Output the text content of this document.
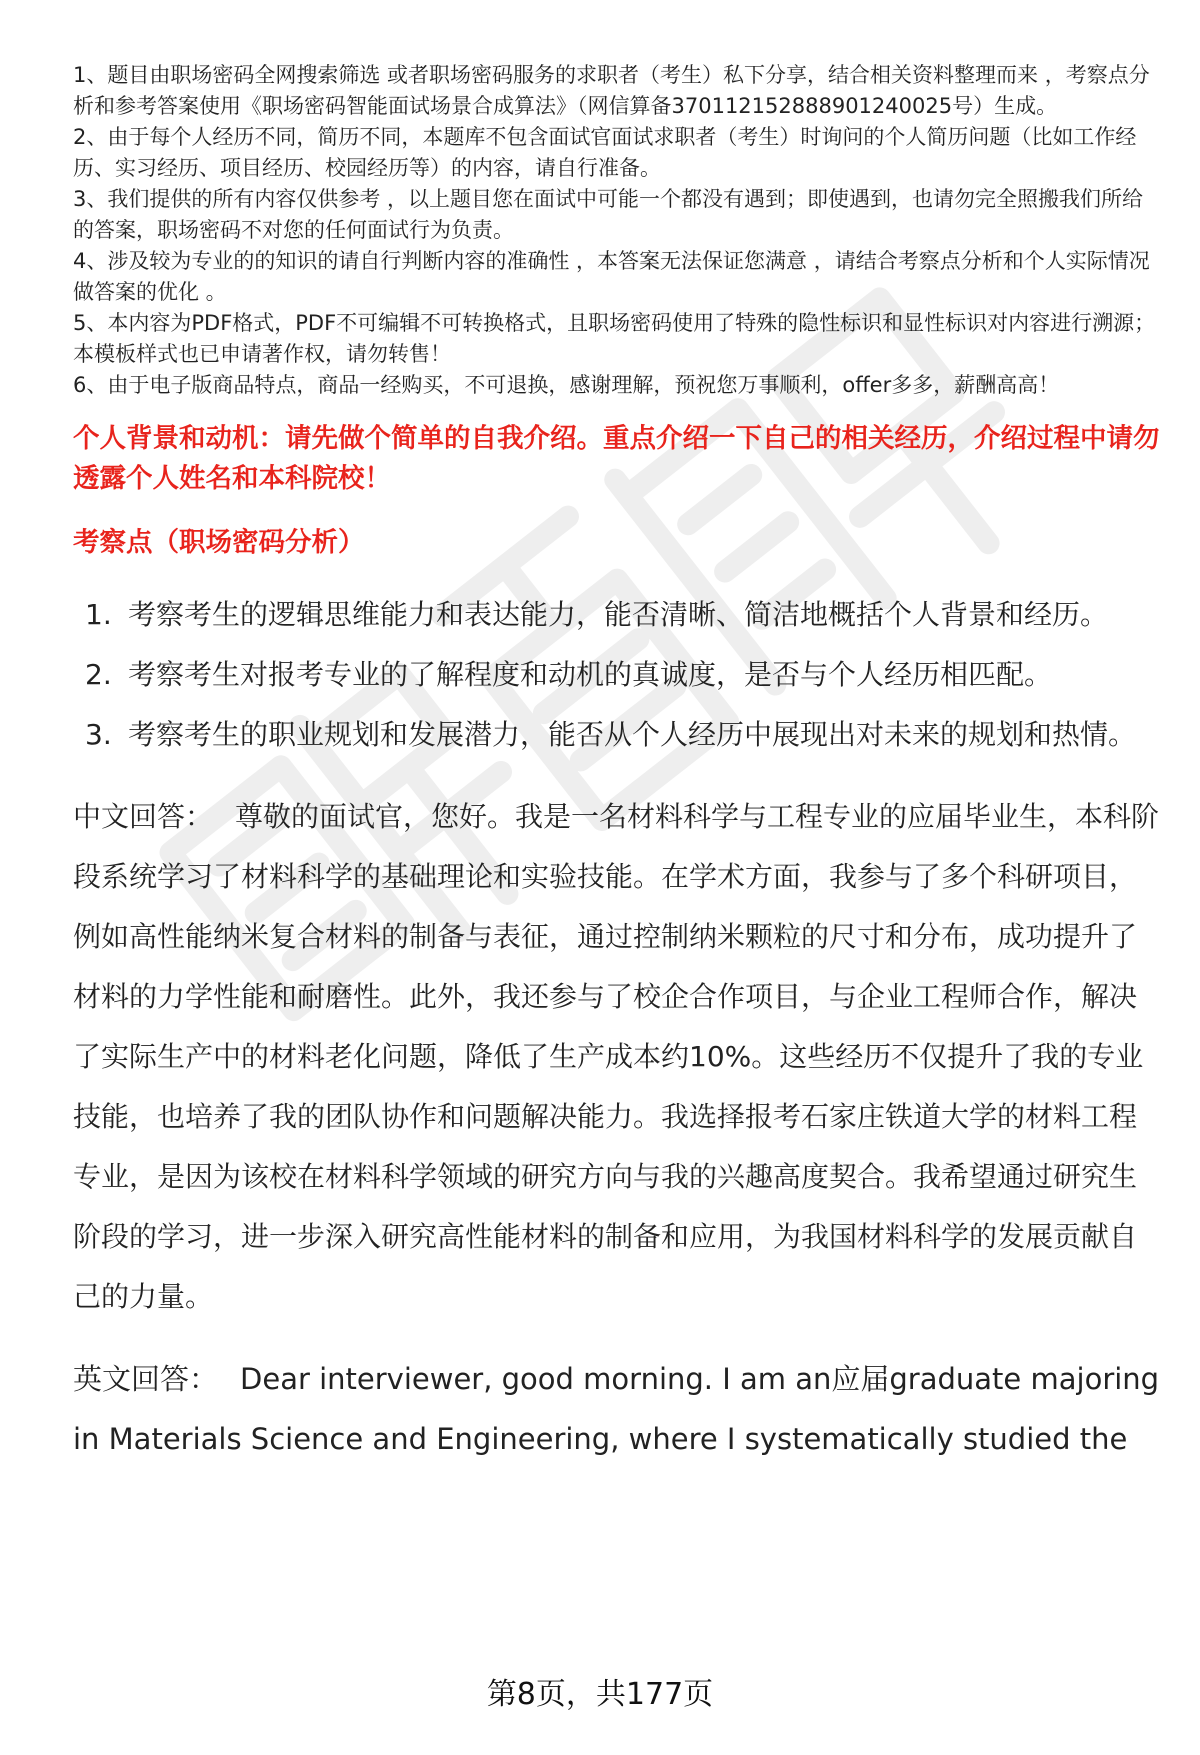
1、题目由职场密码全网搜索筛选 或者职场密码服务的求职者（考生）私下分享，结合相关资料整理而来 ，考察点分析和参考答案使用《职场密码智能面试场景合成算法》（网信算备370112152888901240025号）生成。
2、由于每个人经历不同，简历不同，本题库不包含面试官面试求职者（考生）时询问的个人简历问题（比如工作经历、实习经历、项目经历、校园经历等）的内容，请自行准备。
3、我们提供的所有内容仅供参考 ，以上题目您在面试中可能一个都没有遇到；即使遇到，也请勿完全照搬我们所给的答案，职场密码不对您的任何面试行为负责。
4、涉及较为专业的的知识的请自行判断内容的准确性 ，本答案无法保证您满意 ，请结合考察点分析和个人实际情况做答案的优化 。
5、本内容为PDF格式，PDF不可编辑不可转换格式，且职场密码使用了特殊的隐性标识和显性标识对内容进行溯源；本模板样式也已申请著作权，请勿转售！
6、由于电子版商品特点，商品一经购买，不可退换，感谢理解，预祝您万事顺利，offer多多，薪酬高高！
个人背景和动机：请先做个简单的自我介绍。重点介绍一下自己的相关经历，介绍过程中请勿透露个人姓名和本科院校！
考察点（职场密码分析）
1. 考察考生的逻辑思维能力和表达能力，能否清晰、简洁地概括个人背景和经历。
2. 考察考生对报考专业的了解程度和动机的真诚度，是否与个人经历相匹配。
3. 考察考生的职业规划和发展潜力，能否从个人经历中展现出对未来的规划和热情。

中文回答： 尊敬的面试官，您好。我是一名材料科学与工程专业的应届毕业生，本科阶段系统学习了材料科学的基础理论和实验技能。在学术方面，我参与了多个科研项目，例如高性能纳米复合材料的制备与表征，通过控制纳米颗粒的尺寸和分布，成功提升了材料的力学性能和耐磨性。此外，我还参与了校企合作项目，与企业工程师合作，解决了实际生产中的材料老化问题，降低了生产成本约10%。这些经历不仅提升了我的专业技能，也培养了我的团队协作和问题解决能力。我选择报考石家庄铁道大学的材料工程专业，是因为该校在材料科学领域的研究方向与我的兴趣高度契合。我希望通过研究生阶段的学习，进一步深入研究高性能材料的制备和应用，为我国材料科学的发展贡献自己的力量。

英文回答： Dear interviewer, good morning. I am an应届graduate majoring in Materials Science and Engineering, where I systematically studied the

第8页，共177页
